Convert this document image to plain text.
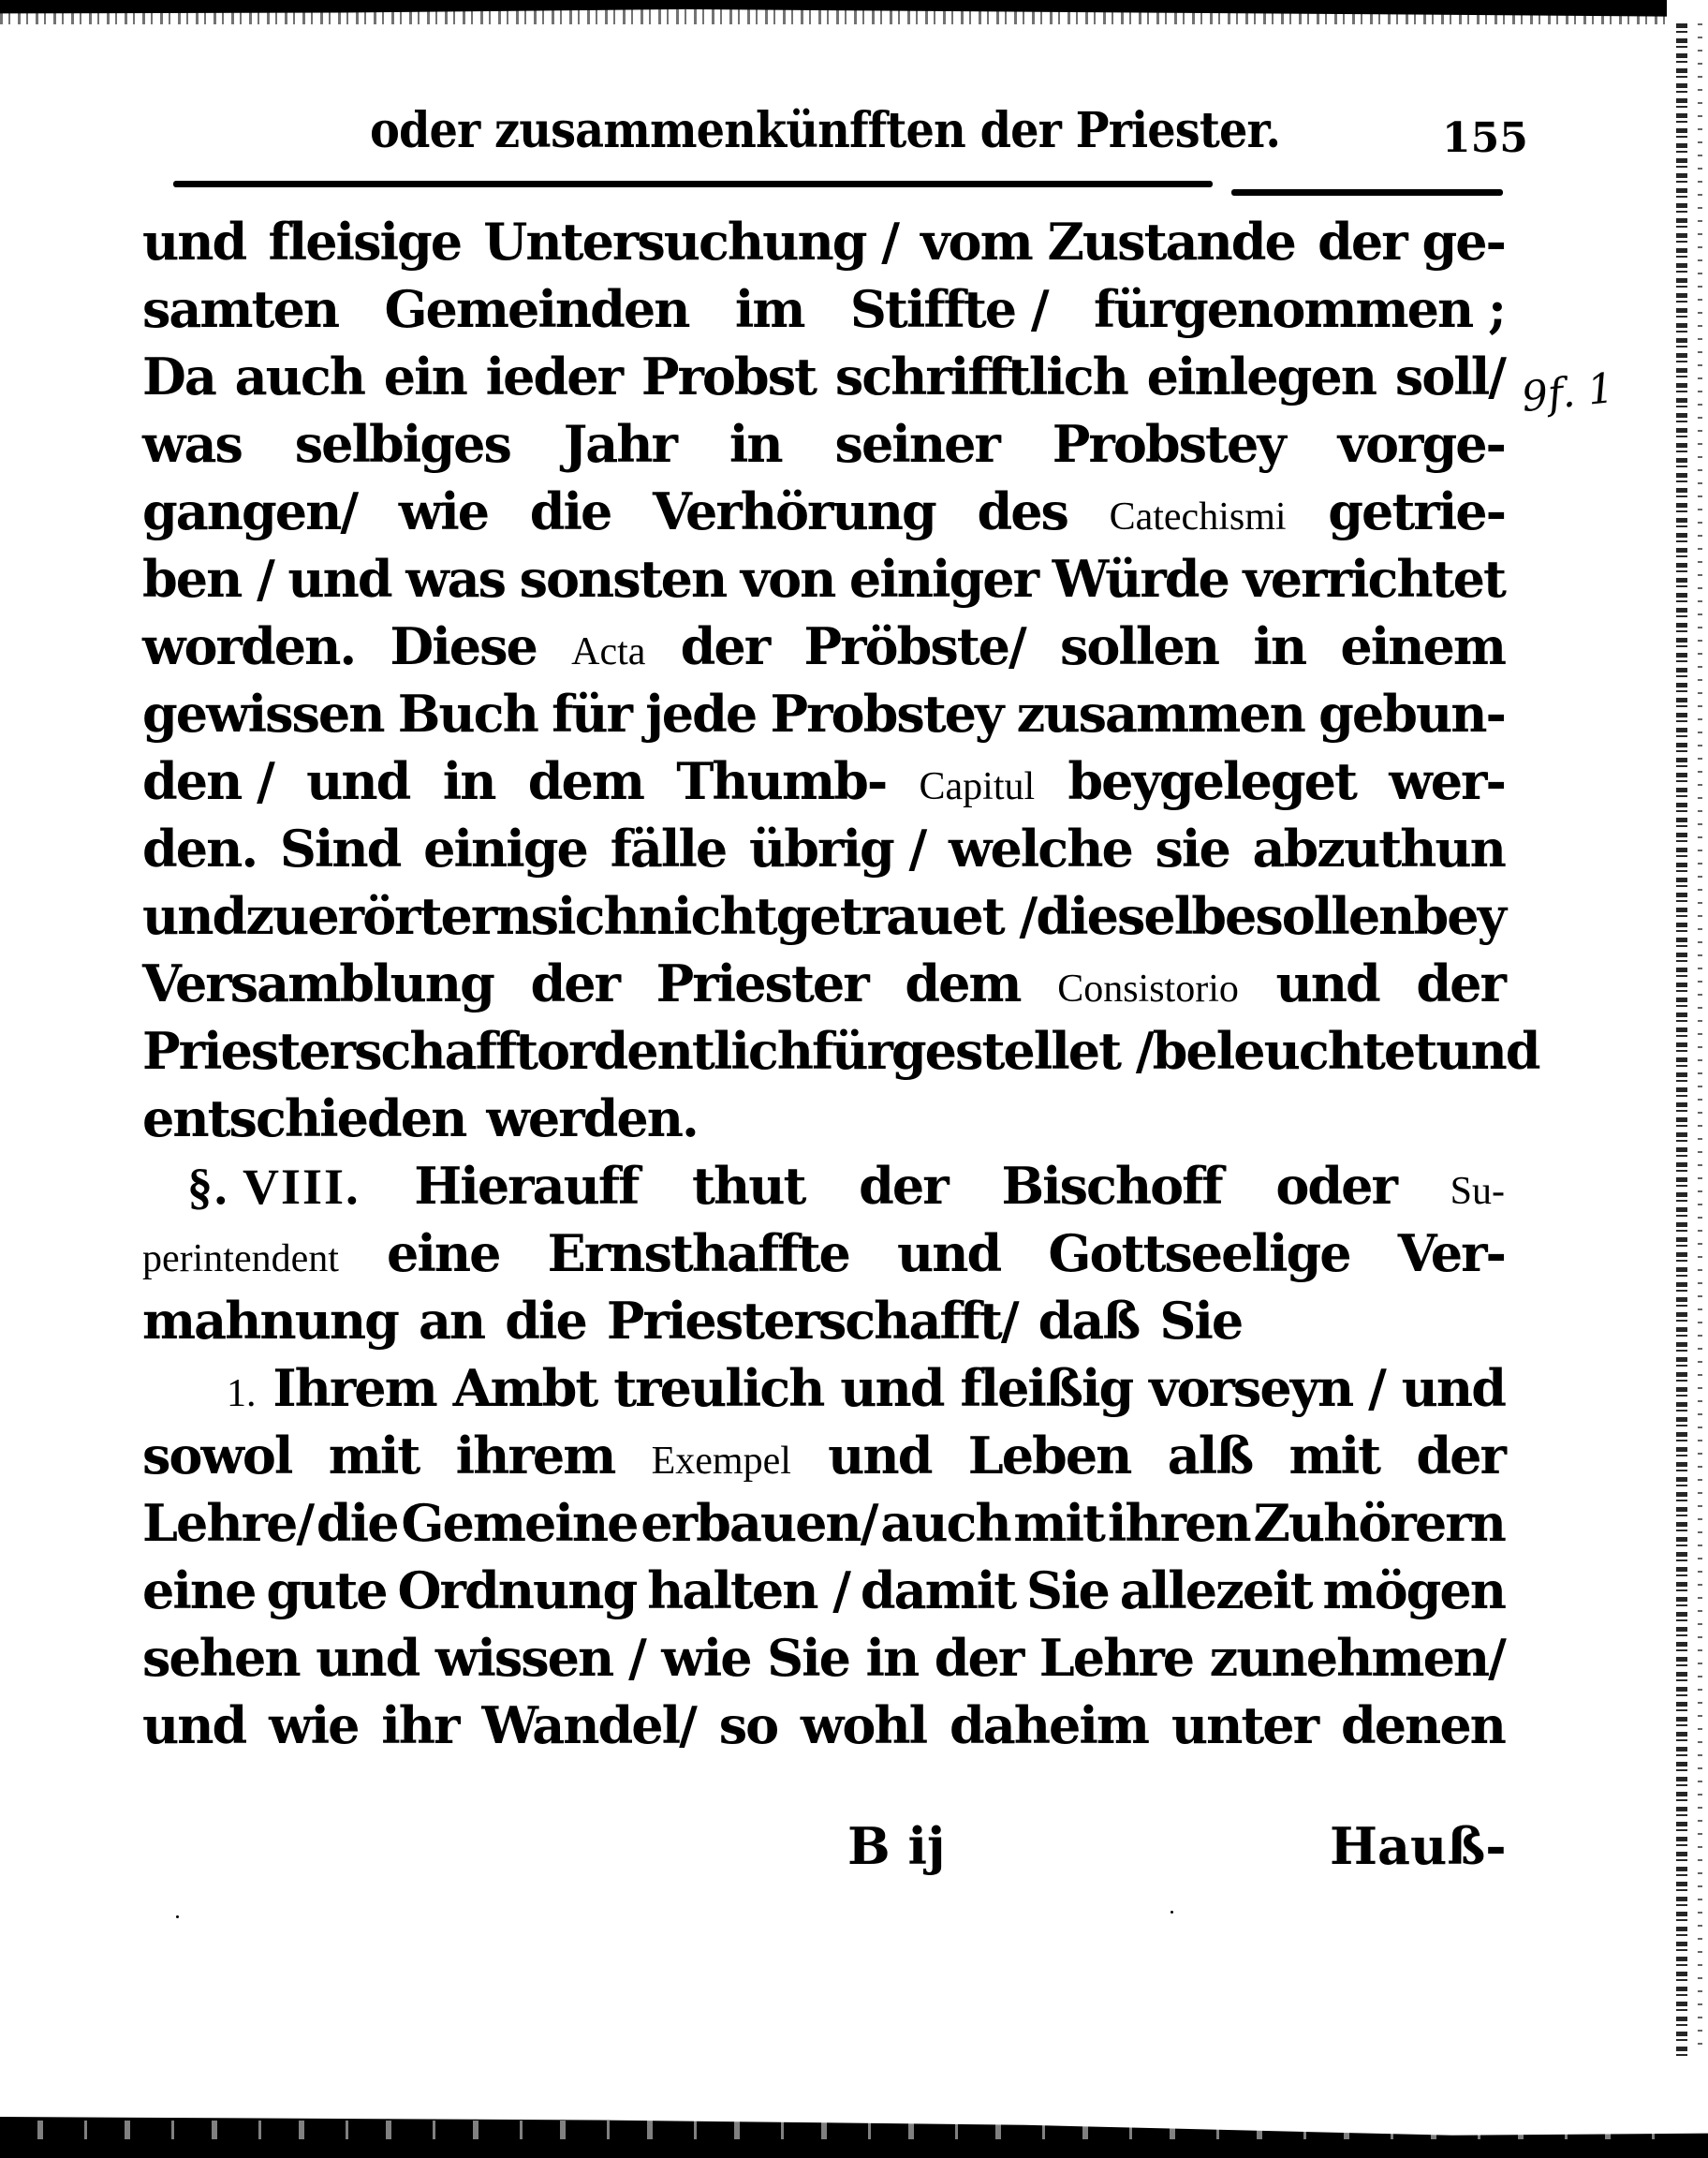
oder zusammenkünfften der Priester.	155
9f. 1
und fleisige Untersuchung / vom Zustande der ge-
samten Gemeinden im Stiffte / fürgenommen ;
Da auch ein ieder Probst schrifftlich einlegen soll/
was selbiges Jahr in seiner Probstey vorge-
gangen/ wie die Verhörung des Catechismi getrie-
ben / und was sonsten von einiger Würde verrichtet
worden. Diese Acta der Pröbste/ sollen in einem
gewissen Buch für jede Probstey zusammen gebun-
den / und in dem Thumb- Capitul beygeleget wer-
den. Sind einige fälle übrig / welche sie abzuthun
und zu erörtern sich nicht getrauet / dieselbe sollen bey
Versamblung der Priester dem Consistorio und der
Priesterschafft ordentlich fürgestellet / beleuchtet und
entschieden werden.
§. VIII. Hierauff thut der Bischoff oder Su-
perintendent eine Ernsthaffte und Gottseelige Ver-
mahnung an die Priesterschafft/ daß Sie
1. Ihrem Ambt treulich und fleißig vorseyn / und
sowol mit ihrem Exempel und Leben alß mit der
Lehre/ die Gemeine erbauen/ auch mit ihren Zuhörern
eine gute Ordnung halten / damit Sie allezeit mögen
sehen und wissen / wie Sie in der Lehre zunehmen/
und wie ihr Wandel/ so wohl daheim unter denen
B ij	Hauß-
